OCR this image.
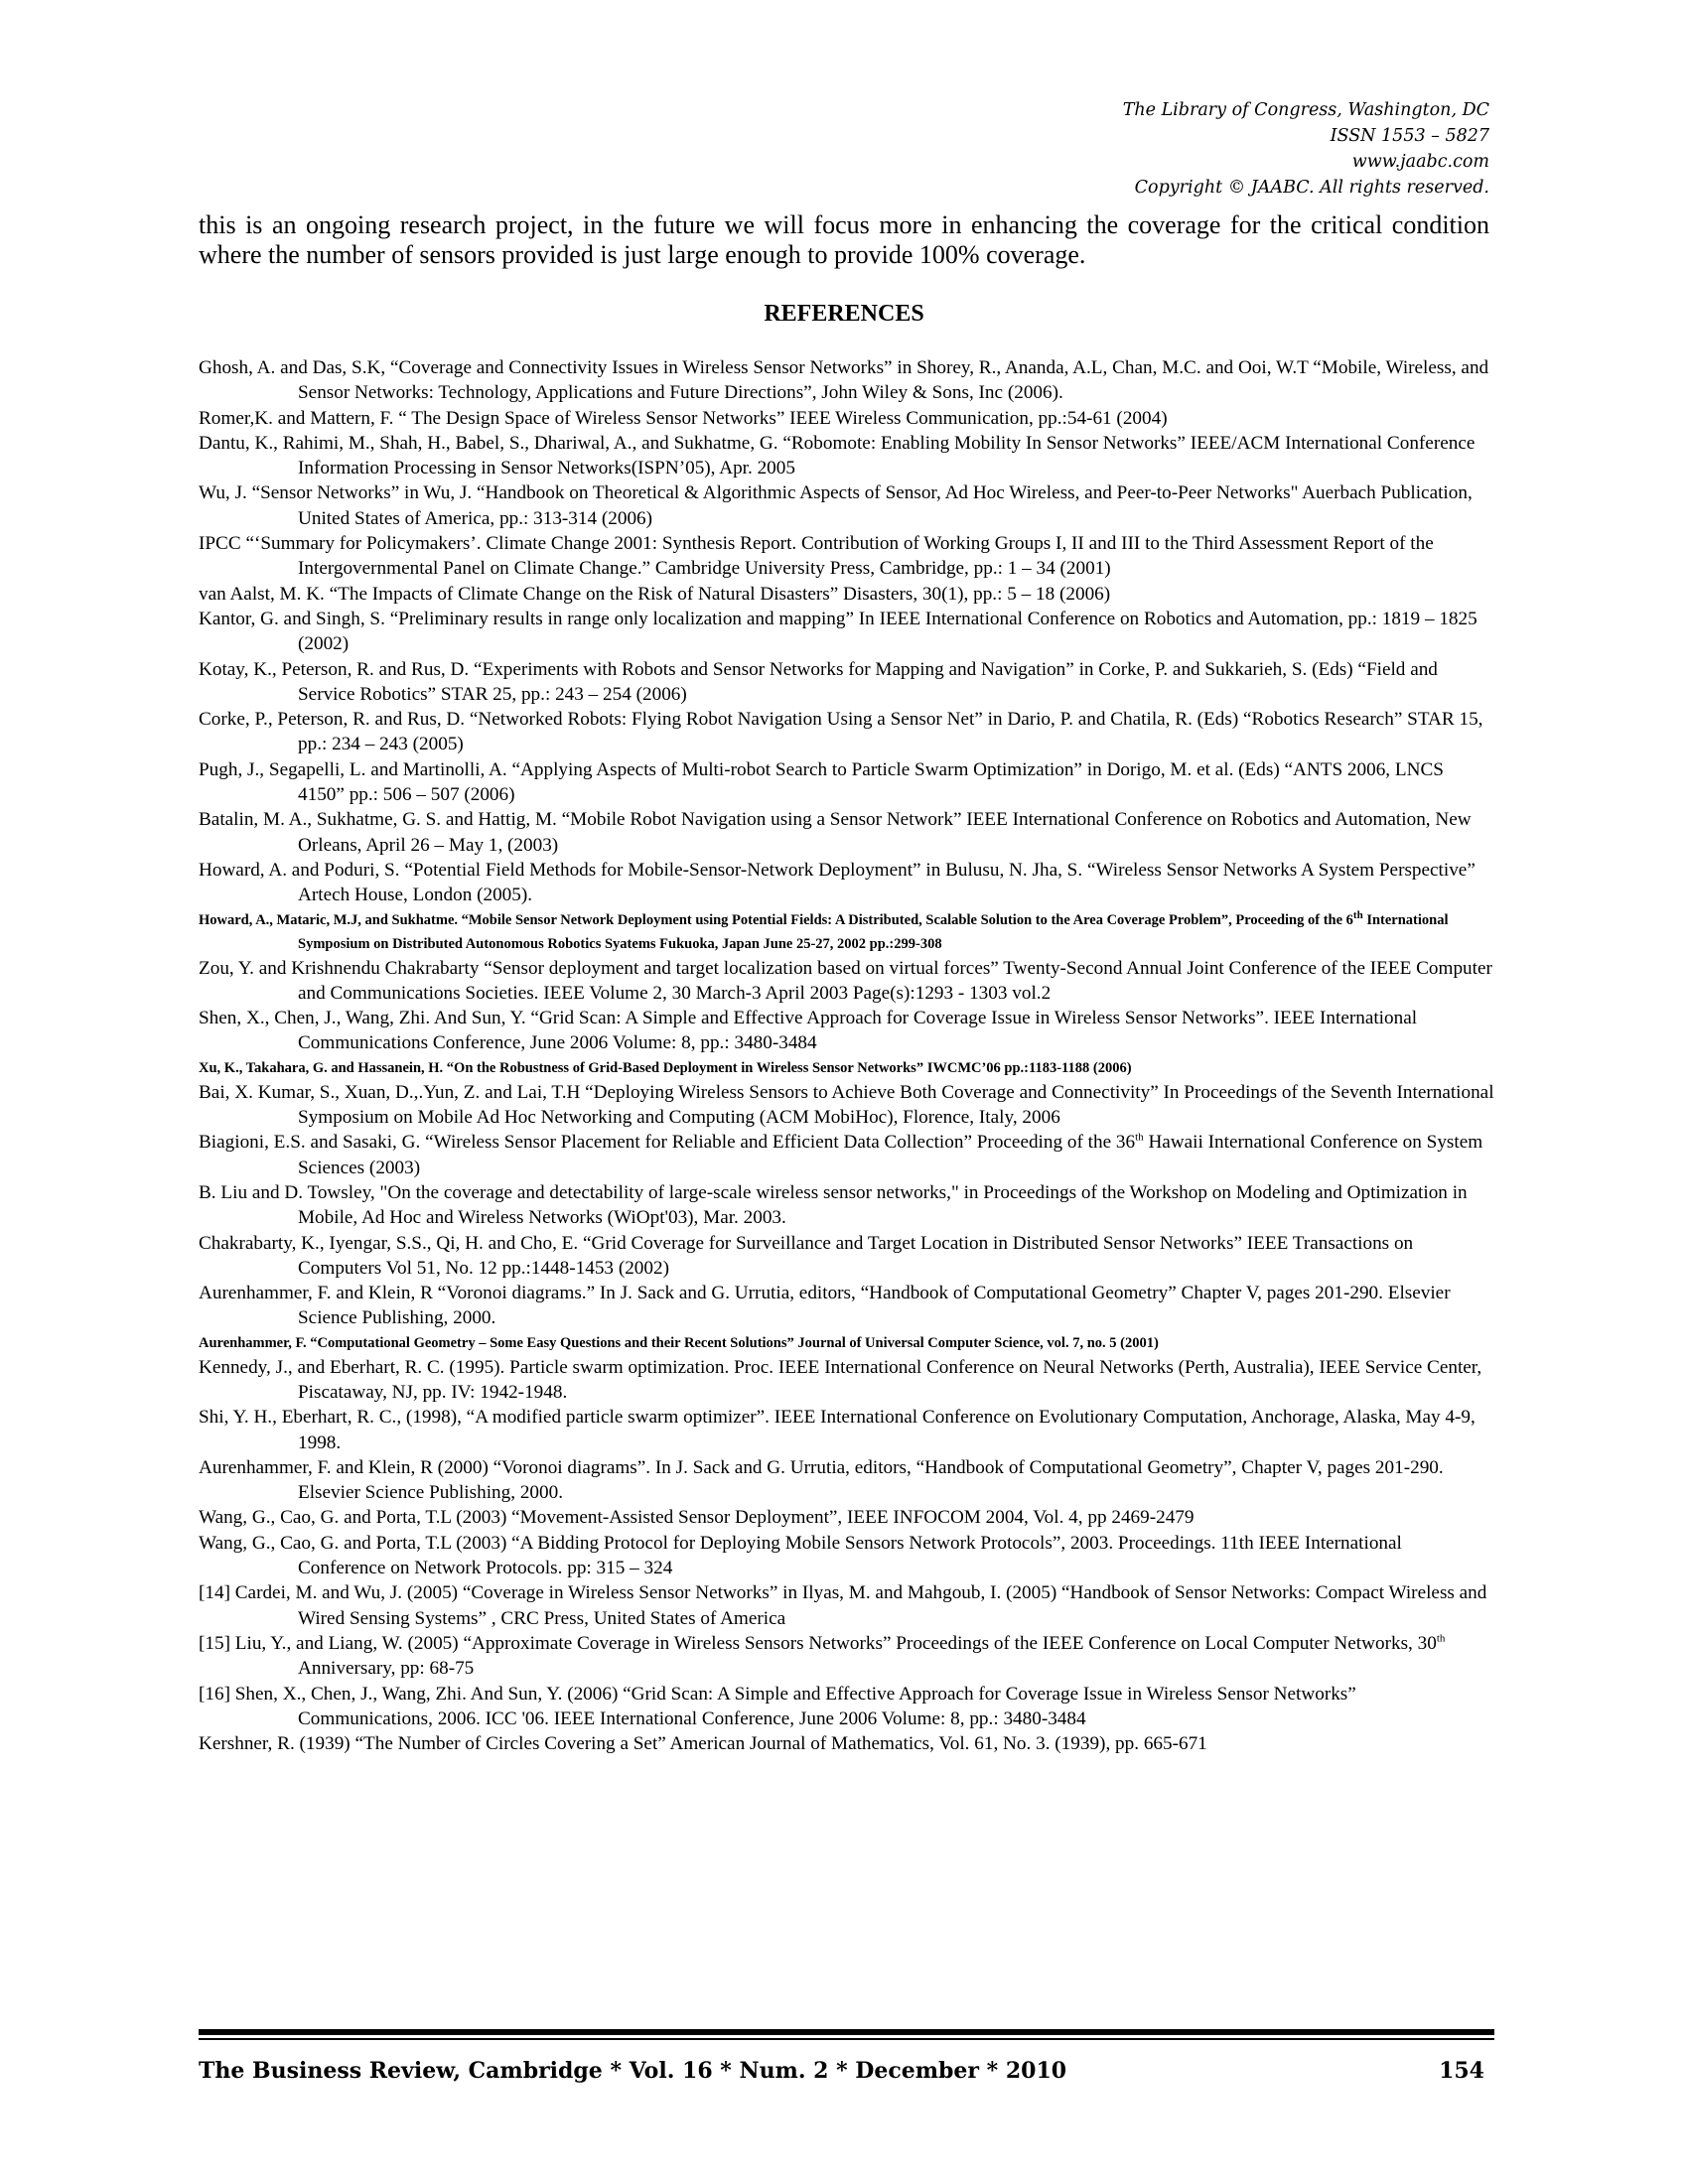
The Library of Congress, Washington, DC
ISSN 1553 – 5827
www.jaabc.com
Copyright © JAABC. All rights reserved.
this is an ongoing research project, in the future we will focus more in enhancing the coverage for the critical condition where the number of sensors provided is just large enough to provide 100% coverage.
REFERENCES
Ghosh, A. and Das, S.K, “Coverage and Connectivity Issues in Wireless Sensor Networks” in Shorey, R., Ananda, A.L, Chan, M.C. and Ooi, W.T “Mobile, Wireless, and Sensor Networks: Technology, Applications and Future Directions”, John Wiley & Sons, Inc (2006).
Romer,K. and Mattern, F. “ The Design Space of Wireless Sensor Networks” IEEE Wireless Communication, pp.:54-61 (2004)
Dantu, K., Rahimi, M., Shah, H., Babel, S., Dhariwal, A., and Sukhatme, G. “Robomote: Enabling Mobility In Sensor Networks” IEEE/ACM International Conference Information Processing in Sensor Networks(ISPN’05), Apr. 2005
Wu, J. “Sensor Networks” in Wu, J. “Handbook on Theoretical & Algorithmic Aspects of Sensor, Ad Hoc Wireless, and Peer-to-Peer Networks" Auerbach Publication, United States of America, pp.: 313-314 (2006)
IPCC “‘Summary for Policymakers’. Climate Change 2001: Synthesis Report. Contribution of Working Groups I, II and III to the Third Assessment Report of the Intergovernmental Panel on Climate Change.” Cambridge University Press, Cambridge, pp.: 1 – 34 (2001)
van Aalst, M. K. “The Impacts of Climate Change on the Risk of Natural Disasters” Disasters, 30(1), pp.: 5 – 18 (2006)
Kantor, G. and Singh, S. “Preliminary results in range only localization and mapping” In IEEE International Conference on Robotics and Automation, pp.: 1819 – 1825 (2002)
Kotay, K., Peterson, R. and Rus, D. “Experiments with Robots and Sensor Networks for Mapping and Navigation” in Corke, P. and Sukkarieh, S. (Eds) “Field and Service Robotics” STAR 25, pp.: 243 – 254 (2006)
Corke, P., Peterson, R. and Rus, D. “Networked Robots: Flying Robot Navigation Using a Sensor Net” in Dario, P. and Chatila, R. (Eds) “Robotics Research” STAR 15, pp.: 234 – 243 (2005)
Pugh, J., Segapelli, L. and Martinolli, A. “Applying Aspects of Multi-robot Search to Particle Swarm Optimization” in Dorigo, M. et al. (Eds) “ANTS 2006, LNCS 4150” pp.: 506 – 507 (2006)
Batalin, M. A., Sukhatme, G. S. and Hattig, M. “Mobile Robot Navigation using a Sensor Network” IEEE International Conference on Robotics and Automation, New Orleans, April 26 – May 1, (2003)
Howard, A. and Poduri, S. “Potential Field Methods for Mobile-Sensor-Network Deployment” in Bulusu, N. Jha, S. “Wireless Sensor Networks A System Perspective” Artech House, London (2005).
Howard, A., Mataric, M.J, and Sukhatme. “Mobile Sensor Network Deployment using Potential Fields: A Distributed, Scalable Solution to the Area Coverage Problem”, Proceeding of the 6th International Symposium on Distributed Autonomous Robotics Syatems Fukuoka, Japan June 25-27, 2002 pp.:299-308
Zou, Y. and Krishnendu Chakrabarty “Sensor deployment and target localization based on virtual forces” Twenty-Second Annual Joint Conference of the IEEE Computer and Communications Societies. IEEE Volume 2, 30 March-3 April 2003 Page(s):1293 - 1303 vol.2
Shen, X., Chen, J., Wang, Zhi. And Sun, Y. “Grid Scan: A Simple and Effective Approach for Coverage Issue in Wireless Sensor Networks”. IEEE International Communications Conference, June 2006 Volume: 8, pp.: 3480-3484
Xu, K., Takahara, G. and Hassanein, H. “On the Robustness of Grid-Based Deployment in Wireless Sensor Networks” IWCMC’06 pp.:1183-1188 (2006)
Bai, X. Kumar, S., Xuan, D.,.Yun, Z. and Lai, T.H “Deploying Wireless Sensors to Achieve Both Coverage and Connectivity” In Proceedings of the Seventh International Symposium on Mobile Ad Hoc Networking and Computing (ACM MobiHoc), Florence, Italy, 2006
Biagioni, E.S. and Sasaki, G. “Wireless Sensor Placement for Reliable and Efficient Data Collection” Proceeding of the 36th Hawaii International Conference on System Sciences (2003)
B. Liu and D. Towsley, "On the coverage and detectability of large-scale wireless sensor networks," in Proceedings of the Workshop on Modeling and Optimization in Mobile, Ad Hoc and Wireless Networks (WiOpt'03), Mar. 2003.
Chakrabarty, K., Iyengar, S.S., Qi, H. and Cho, E. “Grid Coverage for Surveillance and Target Location in Distributed Sensor Networks” IEEE Transactions on Computers Vol 51, No. 12 pp.:1448-1453 (2002)
Aurenhammer, F. and Klein, R “Voronoi diagrams.” In J. Sack and G. Urrutia, editors, “Handbook of Computational Geometry” Chapter V, pages 201-290. Elsevier Science Publishing, 2000.
Aurenhammer, F. “Computational Geometry – Some Easy Questions and their Recent Solutions” Journal of Universal Computer Science, vol. 7, no. 5 (2001)
Kennedy, J., and Eberhart, R. C. (1995). Particle swarm optimization. Proc. IEEE International Conference on Neural Networks (Perth, Australia), IEEE Service Center, Piscataway, NJ, pp. IV: 1942-1948.
Shi, Y. H., Eberhart, R. C., (1998), “A modified particle swarm optimizer”. IEEE International Conference on Evolutionary Computation, Anchorage, Alaska, May 4-9, 1998.
Aurenhammer, F. and Klein, R (2000) “Voronoi diagrams”. In J. Sack and G. Urrutia, editors, “Handbook of Computational Geometry”, Chapter V, pages 201-290. Elsevier Science Publishing, 2000.
Wang, G., Cao, G. and Porta, T.L (2003) “Movement-Assisted Sensor Deployment”, IEEE INFOCOM 2004, Vol. 4, pp 2469-2479
Wang, G., Cao, G. and Porta, T.L (2003) “A Bidding Protocol for Deploying Mobile Sensors Network Protocols”, 2003. Proceedings. 11th IEEE International Conference on Network Protocols. pp: 315 – 324
[14] Cardei, M. and Wu, J. (2005) “Coverage in Wireless Sensor Networks” in Ilyas, M. and Mahgoub, I. (2005) “Handbook of Sensor Networks: Compact Wireless and Wired Sensing Systems” , CRC Press, United States of America
[15] Liu, Y., and Liang, W. (2005) “Approximate Coverage in Wireless Sensors Networks” Proceedings of the IEEE Conference on Local Computer Networks, 30th Anniversary, pp: 68-75
[16] Shen, X., Chen, J., Wang, Zhi. And Sun, Y. (2006) “Grid Scan: A Simple and Effective Approach for Coverage Issue in Wireless Sensor Networks” Communications, 2006. ICC '06. IEEE International Conference, June 2006 Volume: 8, pp.: 3480-3484
Kershner, R. (1939) “The Number of Circles Covering a Set” American Journal of Mathematics, Vol. 61, No. 3. (1939), pp. 665-671
The Business Review, Cambridge * Vol. 16 * Num. 2 * December * 2010	154
